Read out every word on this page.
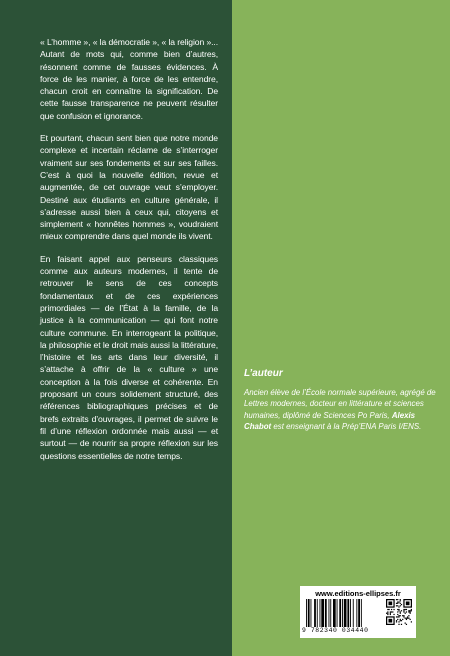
« L’homme », « la démocratie », « la religion »... Autant de mots qui, comme bien d’autres, résonnent comme de fausses évidences. À force de les manier, à force de les entendre, chacun croit en connaître la signification. De cette fausse transparence ne peuvent résulter que confusion et ignorance.

Et pourtant, chacun sent bien que notre monde complexe et incertain réclame de s’interroger vraiment sur ses fondements et sur ses failles. C’est à quoi la nouvelle édition, revue et augmentée, de cet ouvrage veut s’employer. Destiné aux étudiants en culture générale, il s’adresse aussi bien à ceux qui, citoyens et simplement « honnêtes hommes », voudraient mieux comprendre dans quel monde ils vivent.

En faisant appel aux penseurs classiques comme aux auteurs modernes, il tente de retrouver le sens de ces concepts fondamentaux et de ces expériences primordiales — de l’État à la famille, de la justice à la communication — qui font notre culture commune. En interrogeant la politique, la philosophie et le droit mais aussi la littérature, l’histoire et les arts dans leur diversité, il s’attache à offrir de la « culture » une conception à la fois diverse et cohérente. En proposant un cours solidement structuré, des références bibliographiques précises et de brefs extraits d’ouvrages, il permet de suivre le fil d’une réflexion ordonnée mais aussi — et surtout — de nourrir sa propre réflexion sur les questions essentielles de notre temps.

L’auteur

Ancien élève de l’École normale supérieure, agrégé de Lettres modernes, docteur en littérature et sciences humaines, diplômé de Sciences Po Paris, Alexis Chabot est enseignant à la Prép’ENA Paris I/ENS.

www.editions-ellipses.fr
9 782340 034440
